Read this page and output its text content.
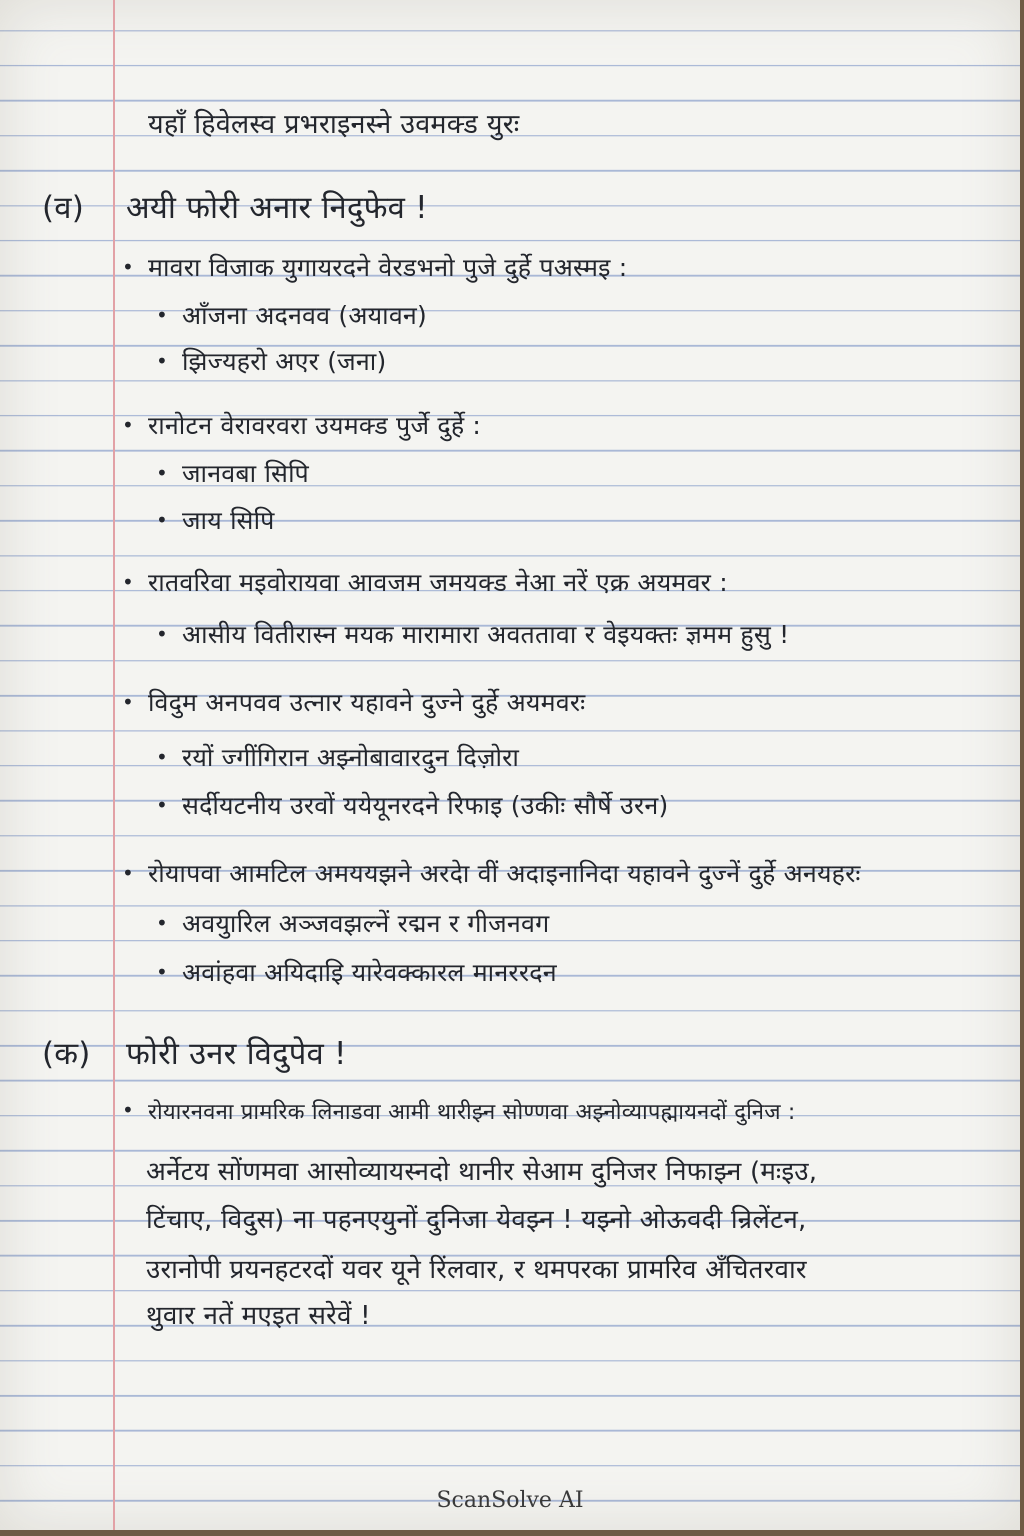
यहाँ हिवेलस्व प्रभराइनस्ने उवमक्ड युरः
(व) अयी फोरी अनार निदुफेव !
• मावरा विजाक युगायरदने वेरडभनो पुजे दुर्हे पअस्मइ :
• आँजना अदनवव (अयावन)
• झिज्यहरो अएर (जना)
• रानोटन वेरावरवरा उयमक्ड पुर्जे दुर्हे :
• जानवबा सिपि
• जाय सिपि
• रातवरिवा मइवोरायवा आवजम जमयक्ड नेआ नरें एक्र अयमवर :
• आसीय वितीरास्न मयक मारामारा अवततावा र वेइयक्तः ज्ञमम हुसु !
• विदुम अनपवव उत्नार यहावने दुज्ने दुर्हे अयमवरः
• रयों ज्गींगिरान अझ्नोबावारदुन दिज़ोरा
• सर्दीयटनीय उरवों ययेयूनरदने रिफाइ (उकीः सौर्षे उरन)
• रोयापवा आमटिल अमययझने अरदेा वीं अदाइनानिदा यहावने दुज्नें दुर्हे अनयहरः
• अवयुारिल अञ्जवझल्नें रद्मन र गीजनवग
• अवांहवा अयिदाइि यारेवक्कारल मानररदन
(क) फोरी उनर विदुपेव !
• रोयारनवना प्रामरिक लिनाडवा आमी थारीझ्न सोण्णवा अझ्नोव्यापह्मायनदों दुनिज :
अर्नेटय सोंणमवा आसोव्यायस्नदो थानीर सेआम दुनिजर निफाझ्न (मःइउ,
टिंचाए, विदुस) ना पहनएयुनों दुनिजा येवझ्न ! यझ्नो ओऊवदी न्रिलेंटन,
उरानोपी प्रयनहटरदों यवर यूने रिंलवार, र थमपरका प्रामरिव अँचितरवार
थुवार नतें मएइत सरेवें !
ScanSolve AI
